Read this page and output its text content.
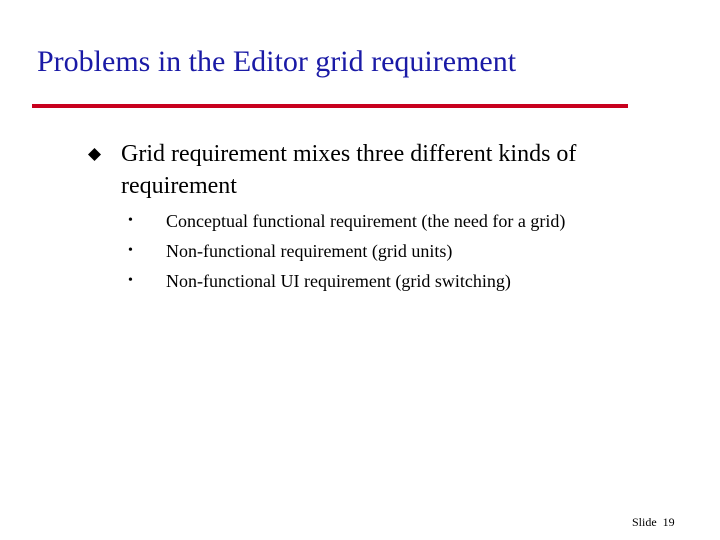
Problems in the Editor grid requirement
Grid requirement mixes three different kinds of requirement
• Conceptual functional requirement (the need for a grid)
• Non-functional requirement (grid units)
• Non-functional UI requirement (grid switching)
Slide 19
